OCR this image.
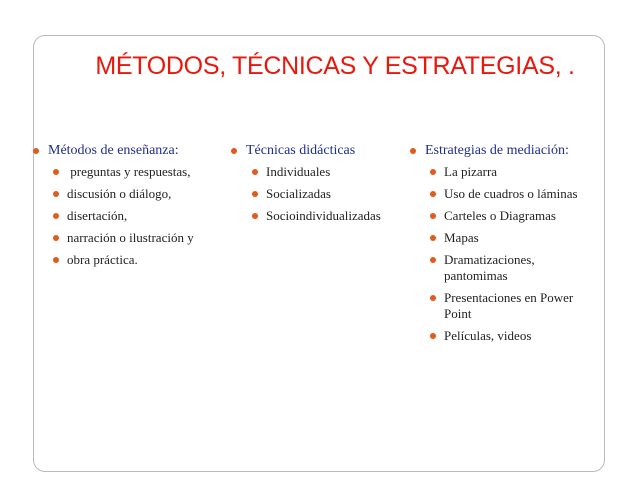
MÉTODOS, TÉCNICAS Y ESTRATEGIAS, .
Métodos de enseñanza:
preguntas y respuestas,
discusión o diálogo,
disertación,
narración o ilustración y
obra práctica.
Técnicas didácticas
Individuales
Socializadas
Socioindividualizadas
Estrategias de mediación:
La pizarra
Uso de cuadros o láminas
Carteles o Diagramas
Mapas
Dramatizaciones, pantomimas
Presentaciones en Power Point
Películas, videos
